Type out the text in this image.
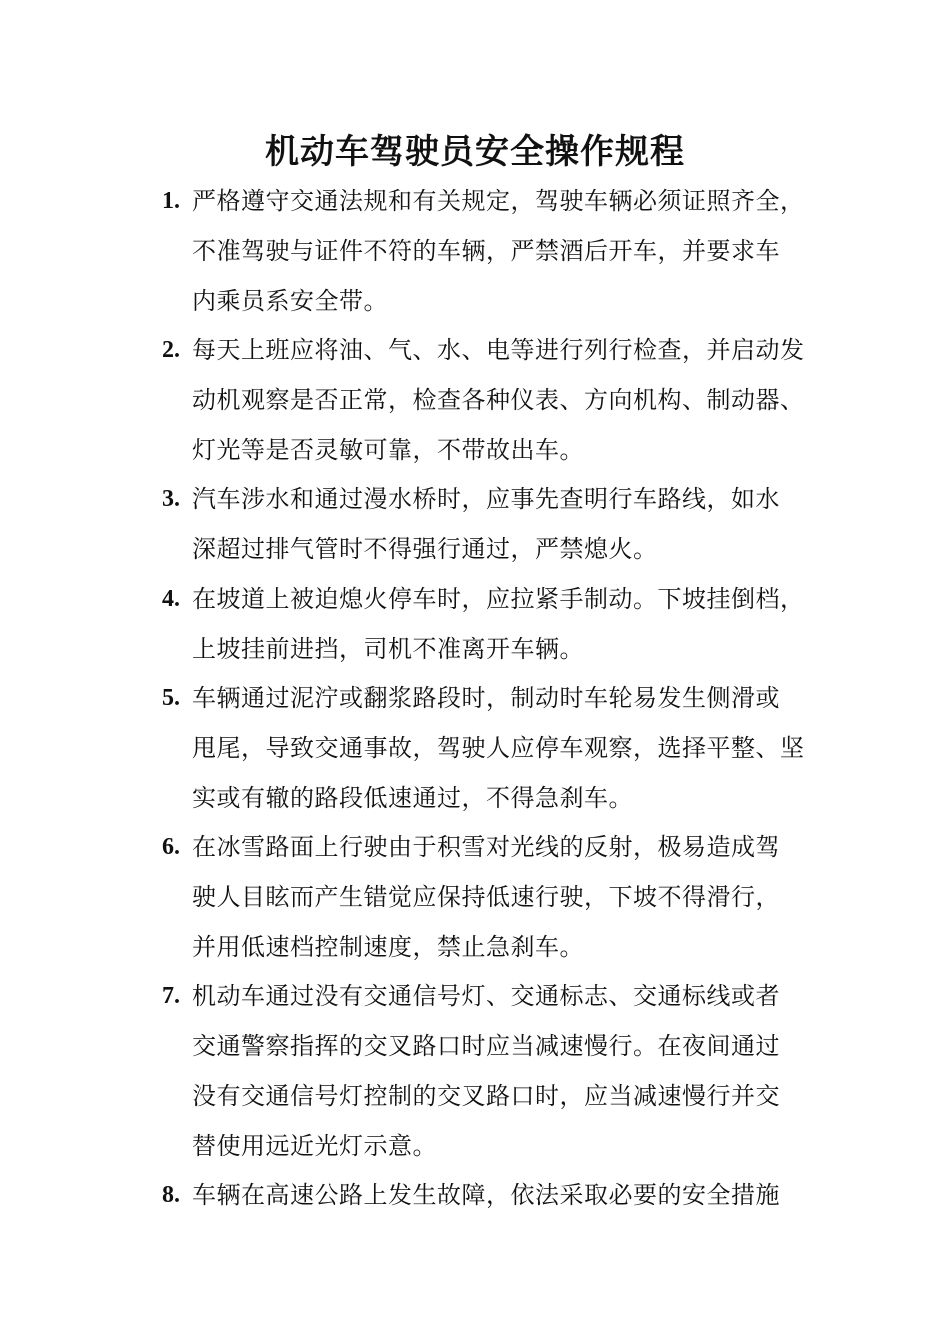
机动车驾驶员安全操作规程
1. 严格遵守交通法规和有关规定，驾驶车辆必须证照齐全，
不准驾驶与证件不符的车辆，严禁酒后开车，并要求车
内乘员系安全带。
2. 每天上班应将油、气、水、电等进行列行检查，并启动发
动机观察是否正常，检查各种仪表、方向机构、制动器、
灯光等是否灵敏可靠，不带故出车。
3. 汽车涉水和通过漫水桥时，应事先查明行车路线，如水
深超过排气管时不得强行通过，严禁熄火。
4. 在坡道上被迫熄火停车时，应拉紧手制动。下坡挂倒档，
上坡挂前进挡，司机不准离开车辆。
5. 车辆通过泥泞或翻浆路段时，制动时车轮易发生侧滑或
甩尾，导致交通事故，驾驶人应停车观察，选择平整、坚
实或有辙的路段低速通过，不得急刹车。
6. 在冰雪路面上行驶由于积雪对光线的反射，极易造成驾
驶人目眩而产生错觉应保持低速行驶，下坡不得滑行，
并用低速档控制速度，禁止急刹车。
7. 机动车通过没有交通信号灯、交通标志、交通标线或者
交通警察指挥的交叉路口时应当减速慢行。在夜间通过
没有交通信号灯控制的交叉路口时，应当减速慢行并交
替使用远近光灯示意。
8. 车辆在高速公路上发生故障，依法采取必要的安全措施
